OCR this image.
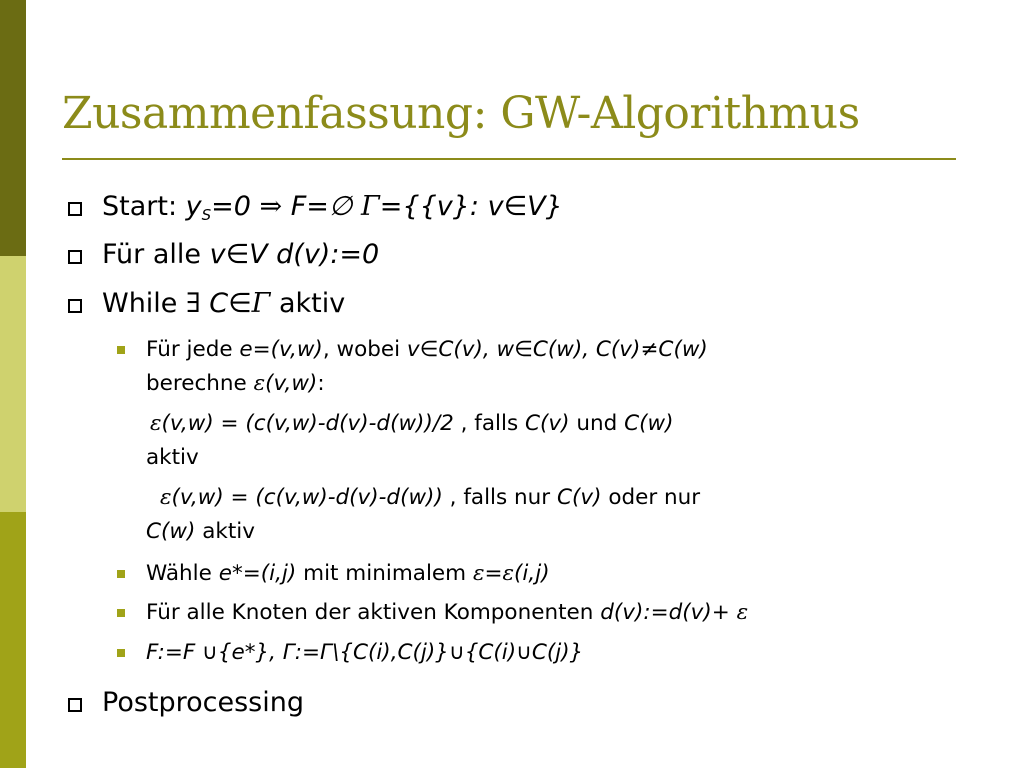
Zusammenfassung: GW-Algorithmus
Start: $y_S=0$ ⇒ F=∅ Γ={{v}: v∈V}
Für alle v∈V d(v):=0
While ∃ C∈Γ aktiv
Für jede e=(v,w), wobei v∈C(v), w∈C(w), C(v)≠C(w)
berechne ε(v,w):
ε(v,w) = (c(v,w)-d(v)-d(w))/2 , falls C(v) und C(w)
aktiv
ε(v,w) = (c(v,w)-d(v)-d(w)) , falls nur C(v) oder nur
C(w) aktiv
Wähle e*=(i,j) mit minimalem ε=ε(i,j)
Für alle Knoten der aktiven Komponenten d(v):=d(v)+ ε
F:=F ∪{e*}, Γ:=Γ\{C(i),C(j)}∪{C(i)∪C(j)}
Postprocessing
